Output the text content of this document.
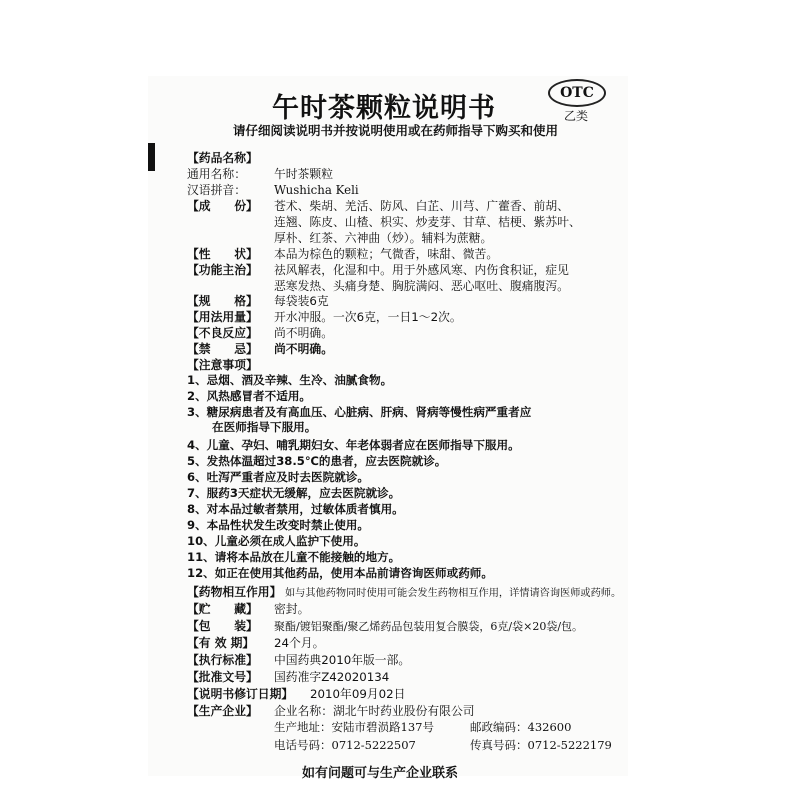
午时茶颗粒说明书	OTC
乙类
请仔细阅读说明书并按说明使用或在药师指导下购买和使用
【药品名称】
通用名称： 午时茶颗粒
汉语拼音： Wushicha Keli
【成　　份】 苍术、柴胡、羌活、防风、白芷、川芎、广藿香、前胡、
连翘、陈皮、山楂、枳实、炒麦芽、甘草、桔梗、紫苏叶、
厚朴、红茶、六神曲（炒）。辅料为蔗糖。
【性　　状】 本品为棕色的颗粒；气微香，味甜、微苦。
【功能主治】 祛风解表，化湿和中。用于外感风寒、内伤食积证，症见
恶寒发热、头痛身楚、胸脘满闷、恶心呕吐、腹痛腹泻。
【规　　格】 每袋装6克
【用法用量】 开水冲服。一次6克，一日1～2次。
【不良反应】 尚不明确。
【禁　　忌】 尚不明确。
【注意事项】
1、忌烟、酒及辛辣、生冷、油腻食物。
2、风热感冒者不适用。
3、糖尿病患者及有高血压、心脏病、肝病、肾病等慢性病严重者应
在医师指导下服用。
4、儿童、孕妇、哺乳期妇女、年老体弱者应在医师指导下服用。
5、发热体温超过38.5℃的患者，应去医院就诊。
6、吐泻严重者应及时去医院就诊。
7、服药3天症状无缓解，应去医院就诊。
8、对本品过敏者禁用，过敏体质者慎用。
9、本品性状发生改变时禁止使用。
10、儿童必须在成人监护下使用。
11、请将本品放在儿童不能接触的地方。
12、如正在使用其他药品，使用本品前请咨询医师或药师。
【药物相互作用】 如与其他药物同时使用可能会发生药物相互作用，详情请咨询医师或药师。
【贮　　藏】 密封。
【包　　装】 聚酯/镀铝聚酯/聚乙烯药品包装用复合膜袋，6克/袋×20袋/包。
【有 效 期】 24个月。
【执行标准】 中国药典2010年版一部。
【批准文号】 国药准字Z42020134
【说明书修订日期】 2010年09月02日
【生产企业】 企业名称：湖北午时药业股份有限公司
如有问题可与生产企业联系
生产地址：安陆市碧涢路137号	邮政编码：432600
电话号码：0712-5222507	传真号码：0712-5222179
